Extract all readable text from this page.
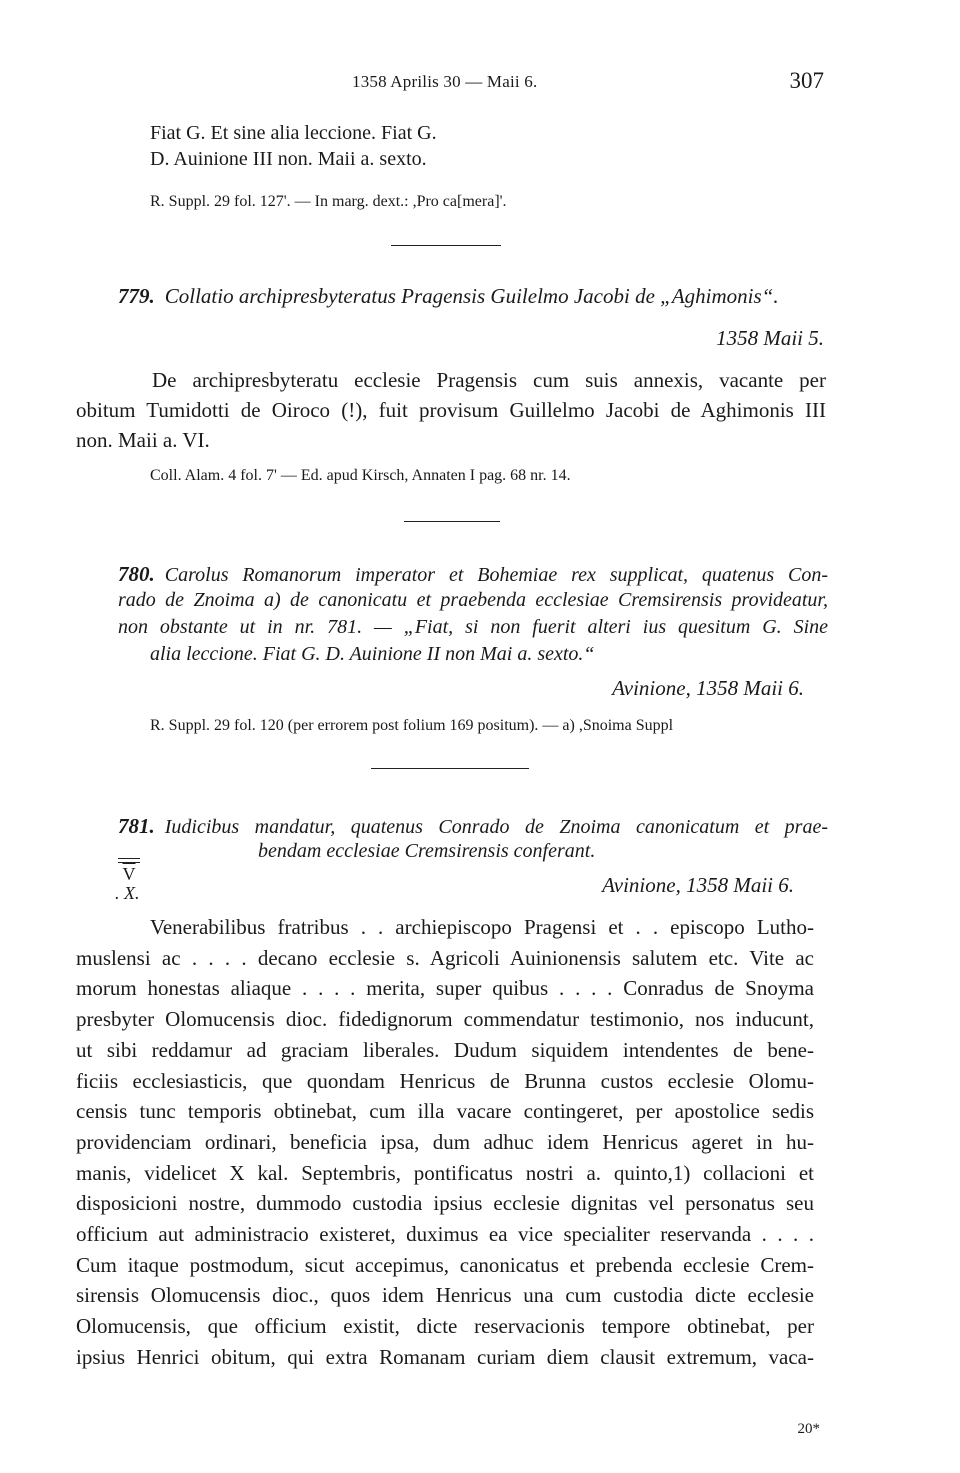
1358 Aprilis 30 — Maii 6.	307
Fiat G. Et sine alia leccione. Fiat G.
D. Auinione III non. Maii a. sexto.
R. Suppl. 29 fol. 127'. — In marg. dext.: ,Pro ca[mera]'.
779. Collatio archipresbyteratus Pragensis Guilelmo Jacobi de „Aghimonis“.
1358 Maii 5.
De archipresbyteratu ecclesie Pragensis cum suis annexis, vacante per
obitum Tumidotti de Oiroco (!), fuit provisum Guillelmo Jacobi de Aghimonis III
non. Maii a. VI.
Coll. Alam. 4 fol. 7' — Ed. apud Kirsch, Annaten I pag. 68 nr. 14.
780. Carolus Romanorum imperator et Bohemiae rex supplicat, quatenus Con-
rado de Znoima a) de canonicatu et praebenda ecclesiae Cremsirensis provideatur,
non obstante ut in nr. 781. — „Fiat, si non fuerit alteri ius quesitum G. Sine
alia leccione. Fiat G. D. Auinione II non Mai a. sexto.“
Avinione, 1358 Maii 6.
R. Suppl. 29 fol. 120 (per errorem post folium 169 positum). — a) ,Snoima Suppl
781. Iudicibus mandatur, quatenus Conrado de Znoima canonicatum et prae-
bendam ecclesiae Cremsirensis conferant.
$\overline{V}$
. X.	Avinione, 1358 Maii 6.
Venerabilibus fratribus . . archiepiscopo Pragensi et . . episcopo Lutho-
muslensi ac . . . . decano ecclesie s. Agricoli Auinionensis salutem etc. Vite ac
morum honestas aliaque . . . . merita, super quibus . . . . Conradus de Snoyma
presbyter Olomucensis dioc. fidedignorum commendatur testimonio, nos inducunt,
ut sibi reddamur ad graciam liberales. Dudum siquidem intendentes de bene-
ficiis ecclesiasticis, que quondam Henricus de Brunna custos ecclesie Olomu-
censis tunc temporis obtinebat, cum illa vacare contingeret, per apostolice sedis
providenciam ordinari, beneficia ipsa, dum adhuc idem Henricus ageret in hu-
manis, videlicet X kal. Septembris, pontificatus nostri a. quinto,1) collacioni et
disposicioni nostre, dummodo custodia ipsius ecclesie dignitas vel personatus seu
officium aut administracio existeret, duximus ea vice specialiter reservanda . . . .
Cum itaque postmodum, sicut accepimus, canonicatus et prebenda ecclesie Crem-
sirensis Olomucensis dioc., quos idem Henricus una cum custodia dicte ecclesie
Olomucensis, que officium existit, dicte reservacionis tempore obtinebat, per
ipsius Henrici obitum, qui extra Romanam curiam diem clausit extremum, vaca-
20*
